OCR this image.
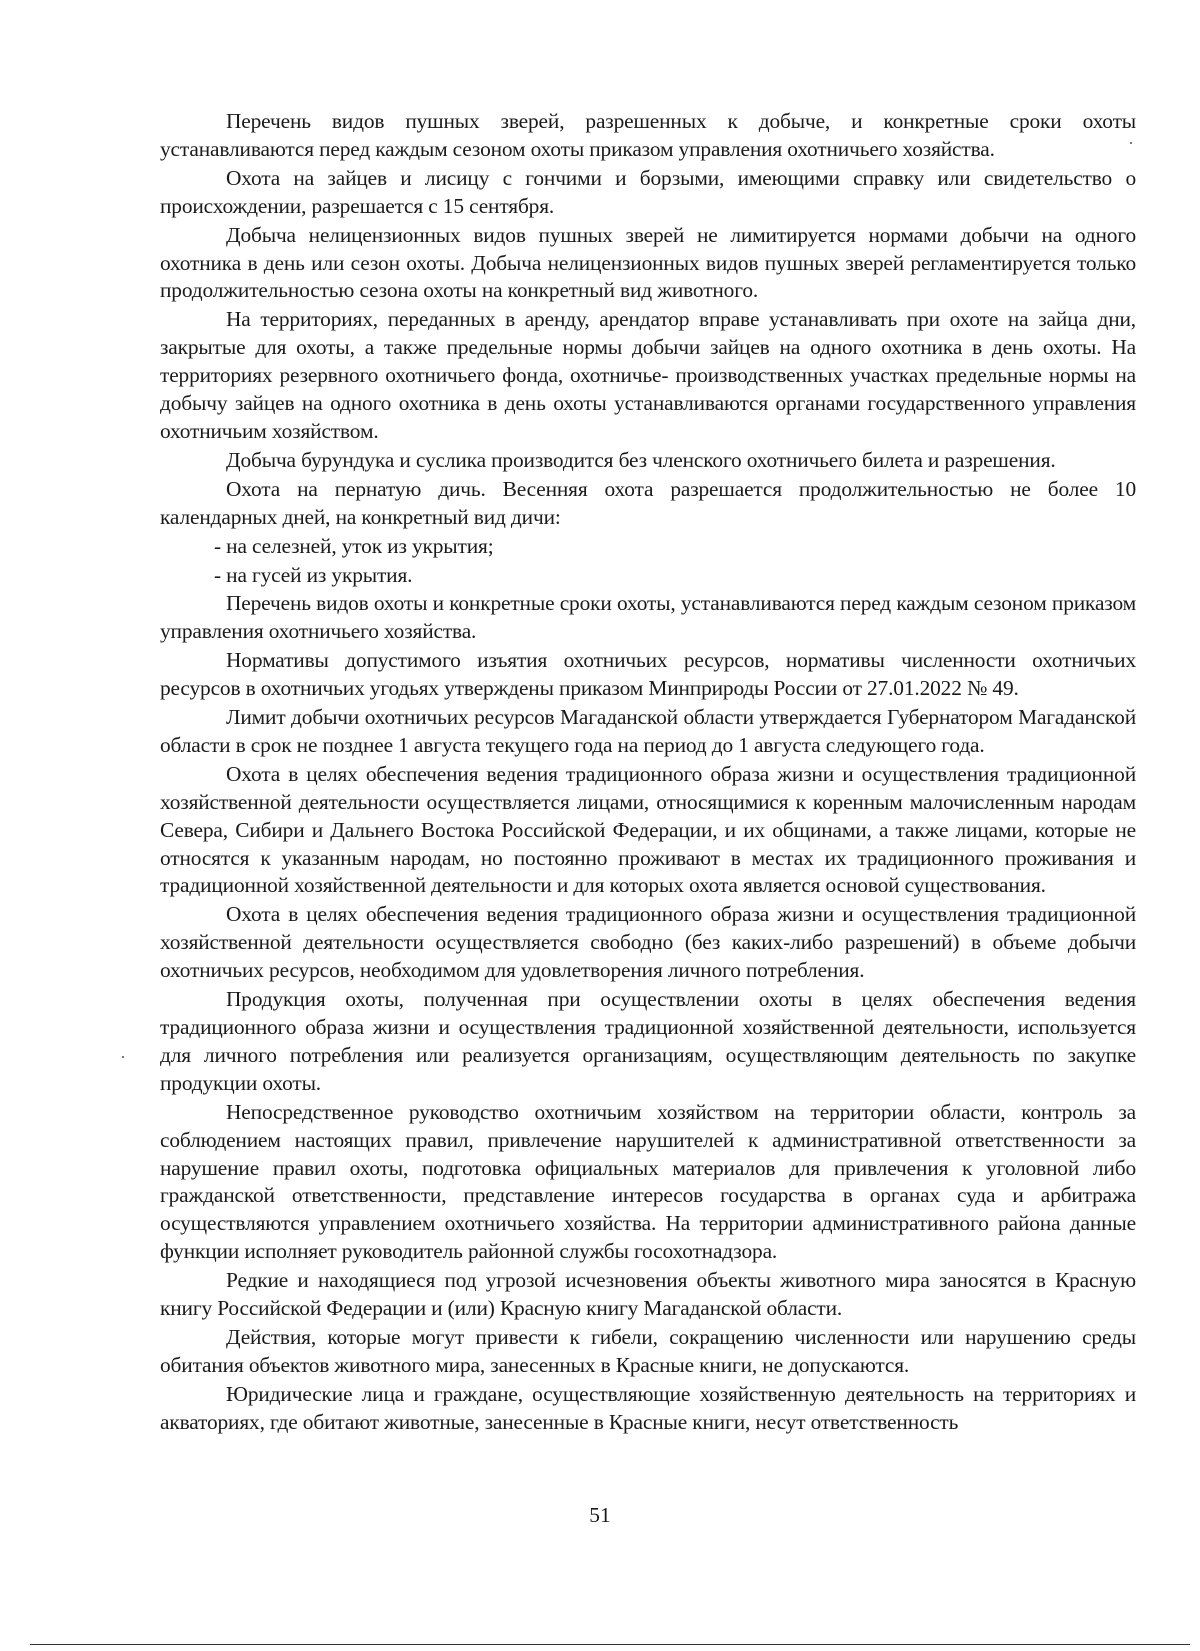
Перечень видов пушных зверей, разрешенных к добыче, и конкретные сроки охоты устанавливаются перед каждым сезоном охоты приказом управления охотничьего хозяйства.

Охота на зайцев и лисицу с гончими и борзыми, имеющими справку или свидетельство о происхождении, разрешается с 15 сентября.

Добыча нелицензионных видов пушных зверей не лимитируется нормами добычи на одного охотника в день или сезон охоты. Добыча нелицензионных видов пушных зверей регламентируется только продолжительностью сезона охоты на конкретный вид животного.

На территориях, переданных в аренду, арендатор вправе устанавливать при охоте на зайца дни, закрытые для охоты, а также предельные нормы добычи зайцев на одного охотника в день охоты. На территориях резервного охотничьего фонда, охотничье- производственных участках предельные нормы на добычу зайцев на одного охотника в день охоты устанавливаются органами государственного управления охотничьим хозяйством.

Добыча бурундука и суслика производится без членского охотничьего билета и разрешения.

Охота на пернатую дичь. Весенняя охота разрешается продолжительностью не более 10 календарных дней, на конкретный вид дичи:

- на селезней, уток из укрытия;

- на гусей из укрытия.

Перечень видов охоты и конкретные сроки охоты, устанавливаются перед каждым сезоном приказом управления охотничьего хозяйства.

Нормативы допустимого изъятия охотничьих ресурсов, нормативы численности охотничьих ресурсов в охотничьих угодьях утверждены приказом Минприроды России от 27.01.2022 № 49.

Лимит добычи охотничьих ресурсов Магаданской области утверждается Губернатором Магаданской области в срок не позднее 1 августа текущего года на период до 1 августа следующего года.

Охота в целях обеспечения ведения традиционного образа жизни и осуществления традиционной хозяйственной деятельности осуществляется лицами, относящимися к коренным малочисленным народам Севера, Сибири и Дальнего Востока Российской Федерации, и их общинами, а также лицами, которые не относятся к указанным народам, но постоянно проживают в местах их традиционного проживания и традиционной хозяйственной деятельности и для которых охота является основой существования.

Охота в целях обеспечения ведения традиционного образа жизни и осуществления традиционной хозяйственной деятельности осуществляется свободно (без каких-либо разрешений) в объеме добычи охотничьих ресурсов, необходимом для удовлетворения личного потребления.

Продукция охоты, полученная при осуществлении охоты в целях обеспечения ведения традиционного образа жизни и осуществления традиционной хозяйственной деятельности, используется для личного потребления или реализуется организациям, осуществляющим деятельность по закупке продукции охоты.

Непосредственное руководство охотничьим хозяйством на территории области, контроль за соблюдением настоящих правил, привлечение нарушителей к административной ответственности за нарушение правил охоты, подготовка официальных материалов для привлечения к уголовной либо гражданской ответственности, представление интересов государства в органах суда и арбитража осуществляются управлением охотничьего хозяйства. На территории административного района данные функции исполняет руководитель районной службы госохотнадзора.

Редкие и находящиеся под угрозой исчезновения объекты животного мира заносятся в Красную книгу Российской Федерации и (или) Красную книгу Магаданской области.

Действия, которые могут привести к гибели, сокращению численности или нарушению среды обитания объектов животного мира, занесенных в Красные книги, не допускаются.

Юридические лица и граждане, осуществляющие хозяйственную деятельность на территориях и акваториях, где обитают животные, занесенные в Красные книги, несут ответственность

51
